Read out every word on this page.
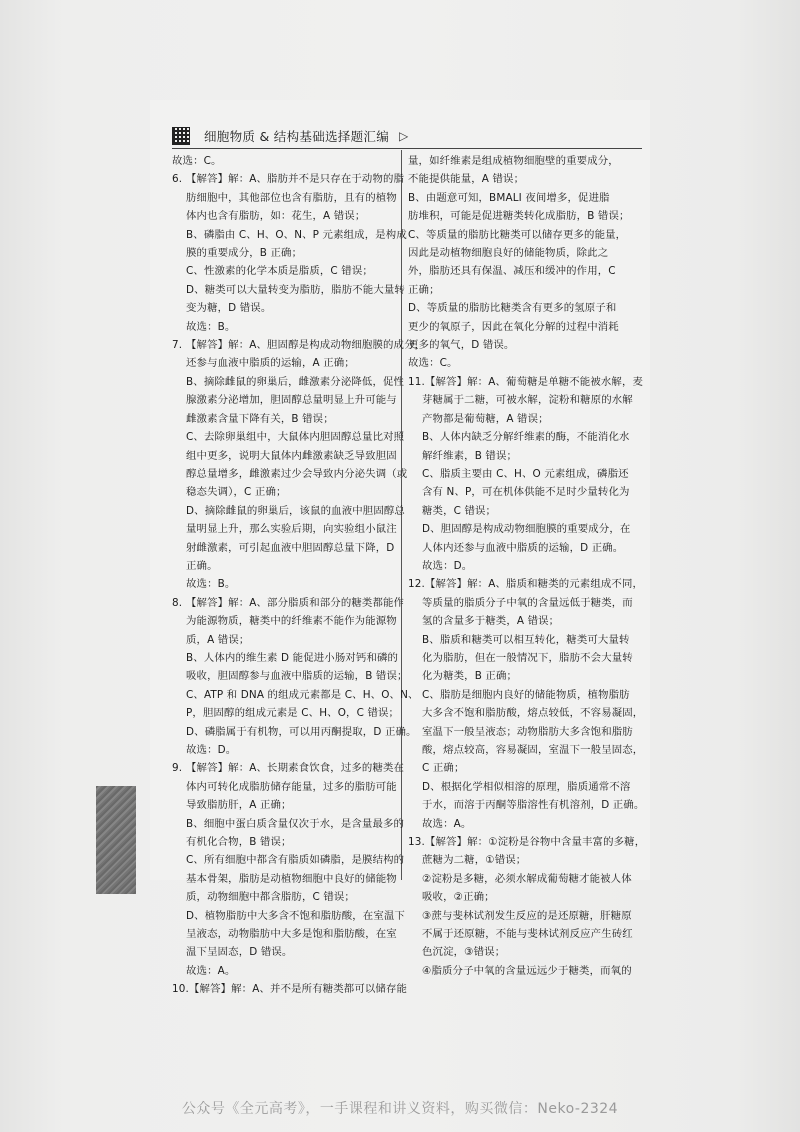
细胞物质 & 结构基础选择题汇编 ▷
故选：C。
6. 【解答】解：A、脂肪并不是只存在于动物的脂
肪细胞中，其他部位也含有脂肪，且有的植物
体内也含有脂肪，如：花生，A 错误；
B、磷脂由 C、H、O、N、P 元素组成，是构成
膜的重要成分，B 正确；
C、性激素的化学本质是脂质，C 错误；
D、糖类可以大量转变为脂肪，脂肪不能大量转
变为糖，D 错误。
故选：B。
7. 【解答】解：A、胆固醇是构成动物细胞膜的成分，
还参与血液中脂质的运输，A 正确；
B、摘除雌鼠的卵巢后，雌激素分泌降低，促性
腺激素分泌增加，胆固醇总量明显上升可能与
雌激素含量下降有关，B 错误；
C、去除卵巢组中，大鼠体内胆固醇总量比对照
组中更多，说明大鼠体内雌激素缺乏导致胆固
醇总量增多，雌激素过少会导致内分泌失调（或
稳态失调），C 正确；
D、摘除雌鼠的卵巢后，该鼠的血液中胆固醇总
量明显上升，那么实验后期，向实验组小鼠注
射雌激素，可引起血液中胆固醇总量下降，D
正确。
故选：B。
8. 【解答】解：A、部分脂质和部分的糖类都能作
为能源物质，糖类中的纤维素不能作为能源物
质，A 错误；
B、人体内的维生素 D 能促进小肠对钙和磷的
吸收，胆固醇参与血液中脂质的运输，B 错误；
C、ATP 和 DNA 的组成元素都是 C、H、O、N、
P，胆固醇的组成元素是 C、H、O，C 错误；
D、磷脂属于有机物，可以用丙酮提取，D 正确。
故选：D。
9. 【解答】解：A、长期素食饮食，过多的糖类在
体内可转化成脂肪储存能量，过多的脂肪可能
导致脂肪肝，A 正确；
B、细胞中蛋白质含量仅次于水，是含量最多的
有机化合物，B 错误；
C、所有细胞中都含有脂质如磷脂，是膜结构的
基本骨架，脂肪是动植物细胞中良好的储能物
质，动物细胞中都含脂肪，C 错误；
D、植物脂肪中大多含不饱和脂肪酸，在室温下
呈液态，动物脂肪中大多是饱和脂肪酸，在室
温下呈固态，D 错误。
故选：A。
10.【解答】解：A、并不是所有糖类都可以储存能
量，如纤维素是组成植物细胞壁的重要成分，
不能提供能量，A 错误；
B、由题意可知，BMALI 夜间增多，促进脂
肪堆积，可能是促进糖类转化成脂肪，B 错误；
C、等质量的脂肪比糖类可以储存更多的能量，
因此是动植物细胞良好的储能物质，除此之
外，脂肪还具有保温、减压和缓冲的作用，C
正确；
D、等质量的脂肪比糖类含有更多的氢原子和
更少的氧原子，因此在氧化分解的过程中消耗
更多的氧气，D 错误。
故选：C。
11.【解答】解：A、葡萄糖是单糖不能被水解，麦
芽糖属于二糖，可被水解，淀粉和糖原的水解
产物都是葡萄糖，A 错误；
B、人体内缺乏分解纤维素的酶，不能消化水
解纤维素，B 错误；
C、脂质主要由 C、H、O 元素组成，磷脂还
含有 N、P，可在机体供能不足时少量转化为
糖类，C 错误；
D、胆固醇是构成动物细胞膜的重要成分，在
人体内还参与血液中脂质的运输，D 正确。
故选：D。
12.【解答】解：A、脂质和糖类的元素组成不同，
等质量的脂质分子中氧的含量远低于糖类，而
氢的含量多于糖类，A 错误；
B、脂质和糖类可以相互转化，糖类可大量转
化为脂肪，但在一般情况下，脂肪不会大量转
化为糖类，B 正确；
C、脂肪是细胞内良好的储能物质，植物脂肪
大多含不饱和脂肪酸，熔点较低，不容易凝固，
室温下一般呈液态；动物脂肪大多含饱和脂肪
酸，熔点较高，容易凝固，室温下一般呈固态，
C 正确；
D、根据化学相似相溶的原理，脂质通常不溶
于水，而溶于丙酮等脂溶性有机溶剂，D 正确。
故选：A。
13.【解答】解：①淀粉是谷物中含量丰富的多糖，
蔗糖为二糖，①错误；
②淀粉是多糖，必须水解成葡萄糖才能被人体
吸收，②正确；
③蔗与斐林试剂发生反应的是还原糖，肝糖原
不属于还原糖，不能与斐林试剂反应产生砖红
色沉淀，③错误；
④脂质分子中氧的含量远远少于糖类，而氧的
公众号《全元高考》，一手课程和讲义资料，购买微信：Neko-2324
